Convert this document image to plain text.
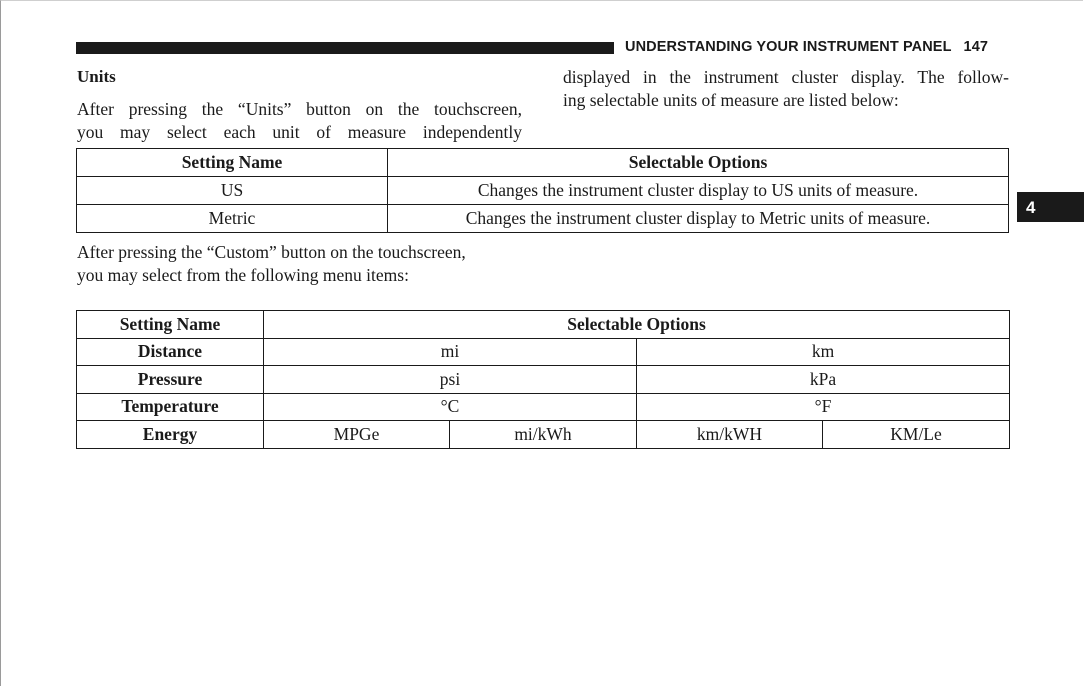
UNDERSTANDING YOUR INSTRUMENT PANEL 147
4
Units
After pressing the “Units” button on the touchscreen,
you may select each unit of measure independently
displayed in the instrument cluster display. The follow-
ing selectable units of measure are listed below:
Setting Name	Selectable Options
US	Changes the instrument cluster display to US units of measure.
Metric	Changes the instrument cluster display to Metric units of measure.
After pressing the “Custom” button on the touchscreen,
you may select from the following menu items:
Setting Name	Selectable Options			
Distance	mi		km	
Pressure	psi		kPa	
Temperature	°C		°F	
Energy	MPGe	mi/kWh	km/kWH	KM/Le
